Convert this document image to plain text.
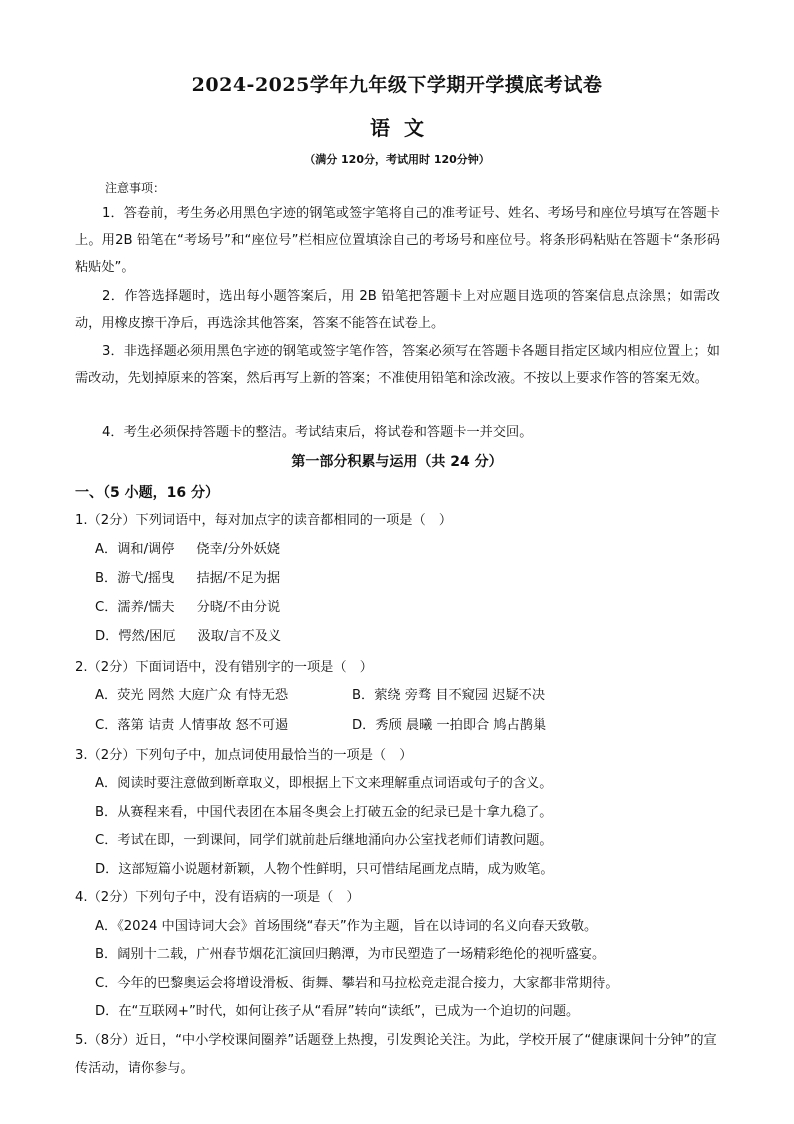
2024-2025学年九年级下学期开学摸底考试卷
语 文
（满分 120分，考试用时 120分钟）
注意事项：
1．答卷前，考生务必用黑色字迹的钢笔或签字笔将自己的准考证号、姓名、考场号和座位号填写在答题卡上。用2B 铅笔在“考场号”和“座位号”栏相应位置填涂自己的考场号和座位号。将条形码粘贴在答题卡“条形码粘贴处”。
2．作答选择题时，选出每小题答案后，用 2B 铅笔把答题卡上对应题目选项的答案信息点涂黑；如需改动，用橡皮擦干净后，再选涂其他答案，答案不能答在试卷上。
3．非选择题必须用黑色字迹的钢笔或签字笔作答，答案必须写在答题卡各题目指定区域内相应位置上；如需改动，先划掉原来的答案，然后再写上新的答案；不准使用铅笔和涂改液。不按以上要求作答的答案无效。
4．考生必须保持答题卡的整洁。考试结束后，将试卷和答题卡一并交回。
第一部分积累与运用（共 24 分）
一、（5 小题，16 分）
1.（2分）下列词语中，每对加点字的读音都相同的一项是（　）
A．调和/调停 侥幸/分外妖娆
B．游弋/摇曳 拮据/不足为据
C．濡养/懦夫 分晓/不由分说
D．愕然/困厄 汲取/言不及义
2.（2分）下面词语中，没有错别字的一项是（　）
A．荧光 罔然 大庭广众 有恃无恐	B．萦绕 旁骛 目不窥园 迟疑不决
C．落第 诘责 人情事故 怒不可遏	D．秀颀 晨曦 一拍即合 鸠占鹊巢
3.（2分）下列句子中，加点词使用最恰当的一项是（　）
A．阅读时要注意做到断章取义，即根据上下文来理解重点词语或句子的含义。
B．从赛程来看，中国代表团在本届冬奥会上打破五金的纪录已是十拿九稳了。
C．考试在即，一到课间，同学们就前赴后继地涌向办公室找老师们请教问题。
D．这部短篇小说题材新颖，人物个性鲜明，只可惜结尾画龙点睛，成为败笔。
4.（2分）下列句子中，没有语病的一项是（　）
A．《2024 中国诗词大会》首场围绕“春天”作为主题，旨在以诗词的名义向春天致敬。
B．阔别十二载，广州春节烟花汇演回归鹅潭，为市民塑造了一场精彩绝伦的视听盛宴。
C．今年的巴黎奥运会将增设滑板、街舞、攀岩和马拉松竞走混合接力，大家都非常期待。
D．在“互联网+”时代，如何让孩子从“看屏”转向“读纸”，已成为一个迫切的问题。
5.（8分）近日，“中小学校课间圈养”话题登上热搜，引发舆论关注。为此，学校开展了“健康课间十分钟”的宣传活动，请你参与。
